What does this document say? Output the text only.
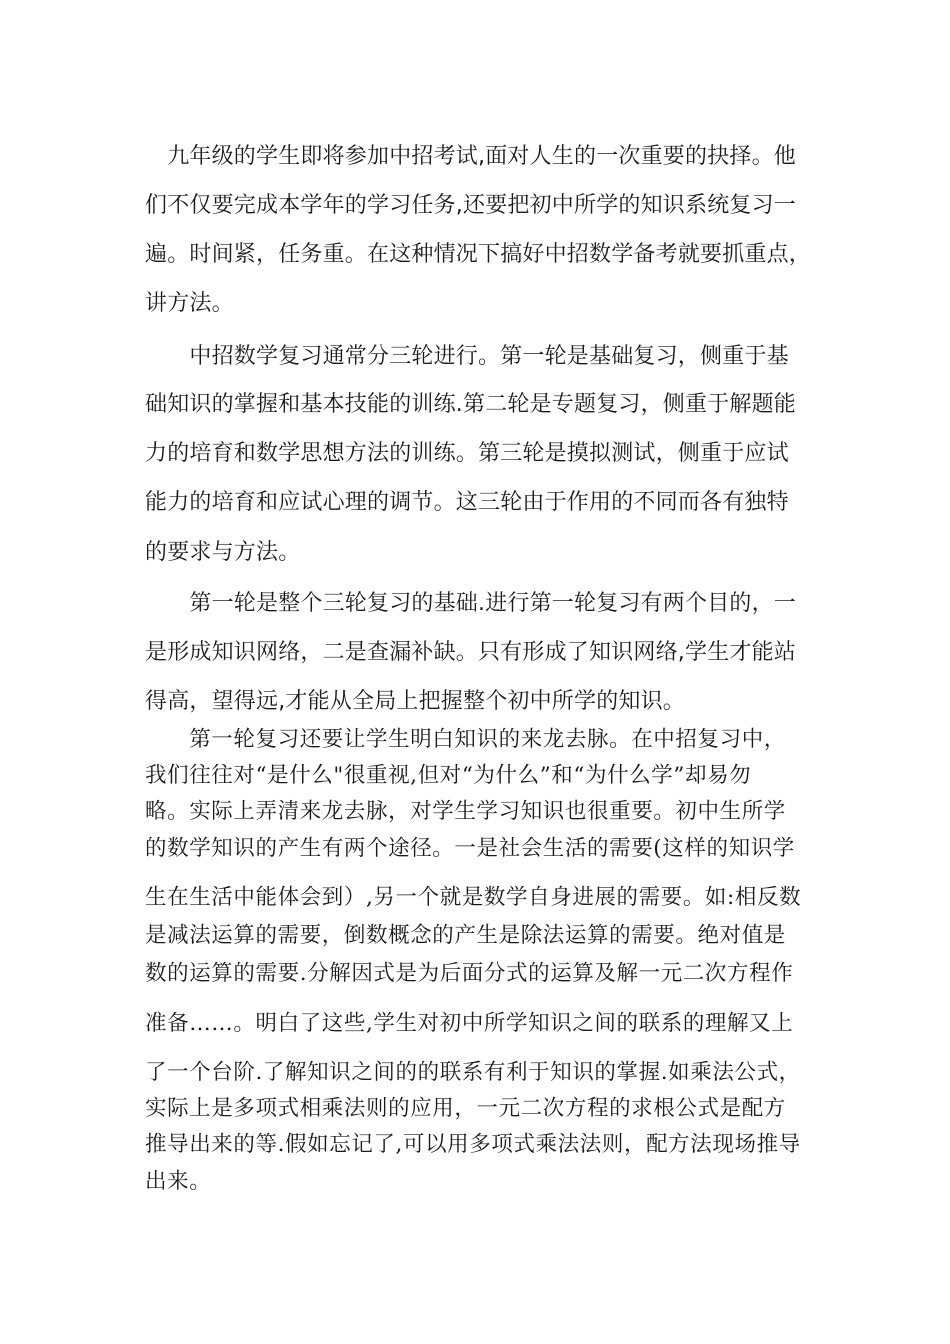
　九年级的学生即将参加中招考试,面对人生的一次重要的抉择。他

们不仅要完成本学年的学习任务,还要把初中所学的知识系统复习一

遍。时间紧，任务重。在这种情况下搞好中招数学备考就要抓重点，

讲方法。

　　中招数学复习通常分三轮进行。第一轮是基础复习，侧重于基

础知识的掌握和基本技能的训练.第二轮是专题复习，侧重于解题能

力的培育和数学思想方法的训练。第三轮是摸拟测试，侧重于应试

能力的培育和应试心理的调节。这三轮由于作用的不同而各有独特

的要求与方法。

　　第一轮是整个三轮复习的基础.进行第一轮复习有两个目的，一

是形成知识网络，二是查漏补缺。只有形成了知识网络,学生才能站

得高，望得远,才能从全局上把握整个初中所学的知识。

　　第一轮复习还要让学生明白知识的来龙去脉。在中招复习中，

我们往往对“是什么"很重视,但对“为什么”和“为什么学”却易勿

略。实际上弄清来龙去脉，对学生学习知识也很重要。初中生所学

的数学知识的产生有两个途径。一是社会生活的需要(这样的知识学

生在生活中能体会到）,另一个就是数学自身进展的需要。如:相反数

是减法运算的需要，倒数概念的产生是除法运算的需要。绝对值是

数的运算的需要.分解因式是为后面分式的运算及解一元二次方程作

准备……。明白了这些,学生对初中所学知识之间的联系的理解又上

了一个台阶.了解知识之间的的联系有利于知识的掌握.如乘法公式，

实际上是多项式相乘法则的应用，一元二次方程的求根公式是配方

推导出来的等.假如忘记了,可以用多项式乘法法则，配方法现场推导

出来。
